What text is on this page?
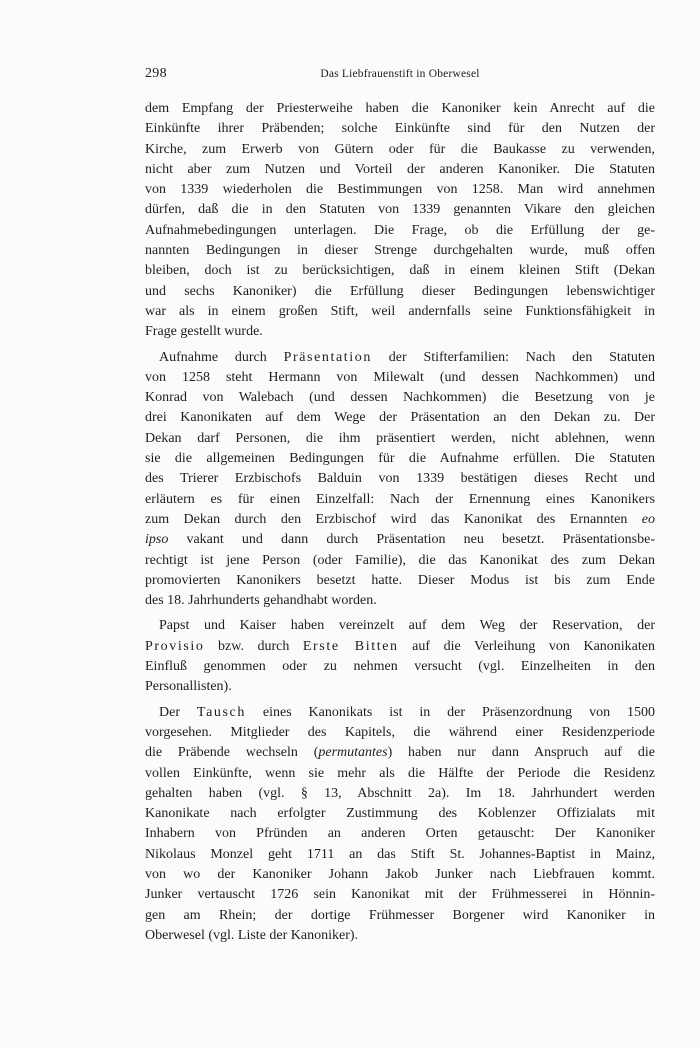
298	Das Liebfrauenstift in Oberwesel
dem Empfang der Priesterweihe haben die Kanoniker kein Anrecht auf die
Einkünfte ihrer Präbenden; solche Einkünfte sind für den Nutzen der
Kirche, zum Erwerb von Gütern oder für die Baukasse zu verwenden,
nicht aber zum Nutzen und Vorteil der anderen Kanoniker. Die Statuten
von 1339 wiederholen die Bestimmungen von 1258. Man wird annehmen
dürfen, daß die in den Statuten von 1339 genannten Vikare den gleichen
Aufnahmebedingungen unterlagen. Die Frage, ob die Erfüllung der ge-
nannten Bedingungen in dieser Strenge durchgehalten wurde, muß offen
bleiben, doch ist zu berücksichtigen, daß in einem kleinen Stift (Dekan
und sechs Kanoniker) die Erfüllung dieser Bedingungen lebenswichtiger
war als in einem großen Stift, weil andernfalls seine Funktionsfähigkeit in
Frage gestellt wurde.
Aufnahme durch Präsentation der Stifterfamilien: Nach den Statuten
von 1258 steht Hermann von Milewalt (und dessen Nachkommen) und
Konrad von Walebach (und dessen Nachkommen) die Besetzung von je
drei Kanonikaten auf dem Wege der Präsentation an den Dekan zu. Der
Dekan darf Personen, die ihm präsentiert werden, nicht ablehnen, wenn
sie die allgemeinen Bedingungen für die Aufnahme erfüllen. Die Statuten
des Trierer Erzbischofs Balduin von 1339 bestätigen dieses Recht und
erläutern es für einen Einzelfall: Nach der Ernennung eines Kanonikers
zum Dekan durch den Erzbischof wird das Kanonikat des Ernannten eo
ipso vakant und dann durch Präsentation neu besetzt. Präsentationsbe-
rechtigt ist jene Person (oder Familie), die das Kanonikat des zum Dekan
promovierten Kanonikers besetzt hatte. Dieser Modus ist bis zum Ende
des 18. Jahrhunderts gehandhabt worden.
Papst und Kaiser haben vereinzelt auf dem Weg der Reservation, der
Provisio bzw. durch Erste Bitten auf die Verleihung von Kanonikaten
Einfluß genommen oder zu nehmen versucht (vgl. Einzelheiten in den
Personallisten).
Der Tausch eines Kanonikats ist in der Präsenzordnung von 1500
vorgesehen. Mitglieder des Kapitels, die während einer Residenzperiode
die Präbende wechseln (permutantes) haben nur dann Anspruch auf die
vollen Einkünfte, wenn sie mehr als die Hälfte der Periode die Residenz
gehalten haben (vgl. § 13, Abschnitt 2a). Im 18. Jahrhundert werden
Kanonikate nach erfolgter Zustimmung des Koblenzer Offizialats mit
Inhabern von Pfründen an anderen Orten getauscht: Der Kanoniker
Nikolaus Monzel geht 1711 an das Stift St. Johannes-Baptist in Mainz,
von wo der Kanoniker Johann Jakob Junker nach Liebfrauen kommt.
Junker vertauscht 1726 sein Kanonikat mit der Frühmesserei in Hönnin-
gen am Rhein; der dortige Frühmesser Borgener wird Kanoniker in
Oberwesel (vgl. Liste der Kanoniker).
